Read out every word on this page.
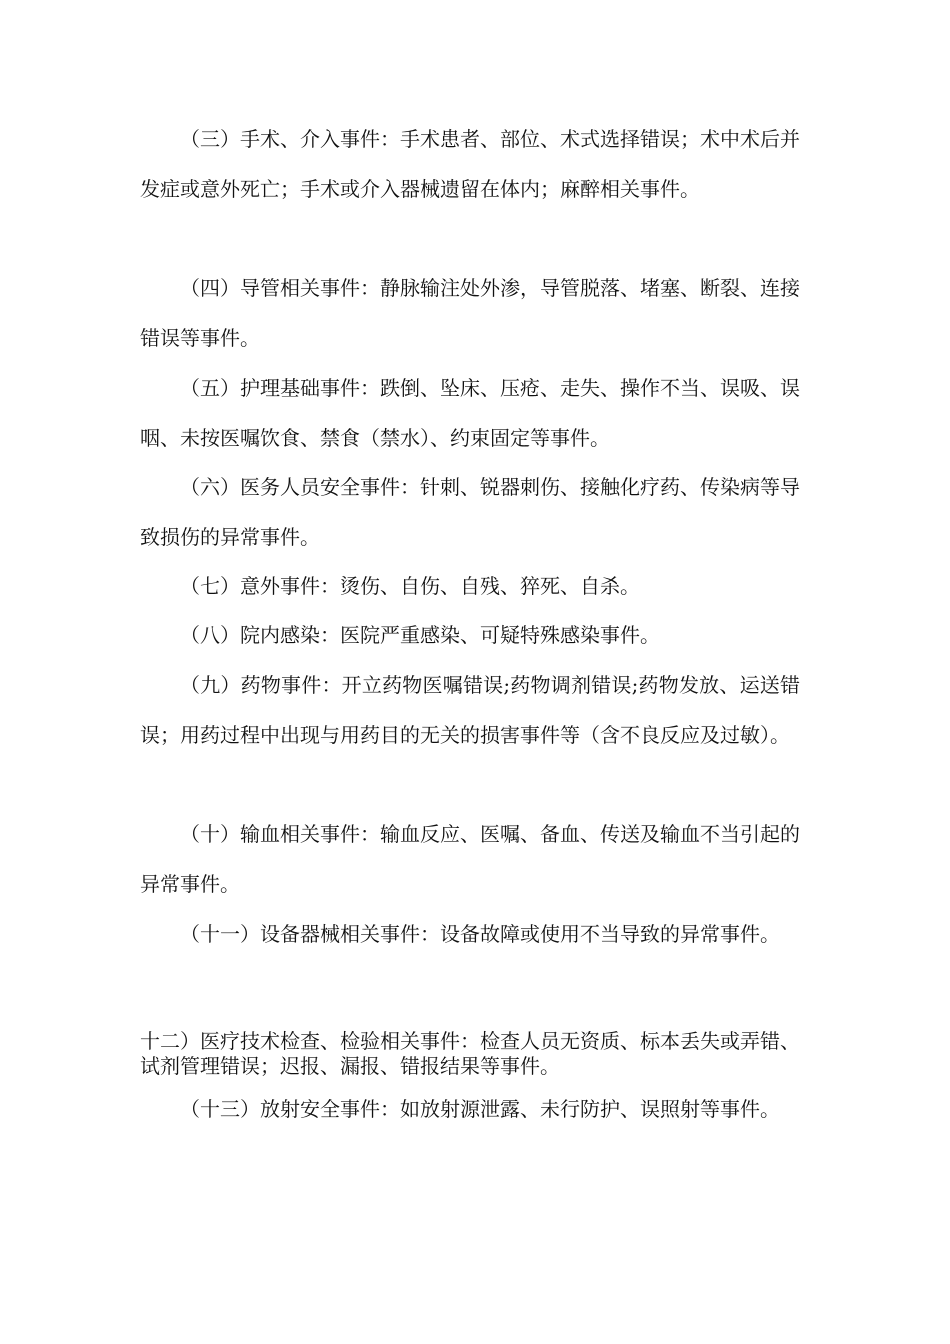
（三）手术、介入事件：手术患者、部位、术式选择错误；术中术后并发症或意外死亡；手术或介入器械遗留在体内；麻醉相关事件。

（四）导管相关事件：静脉输注处外渗，导管脱落、堵塞、断裂、连接错误等事件。

（五）护理基础事件：跌倒、坠床、压疮、走失、操作不当、误吸、误咽、未按医嘱饮食、禁食（禁水）、约束固定等事件。

（六）医务人员安全事件：针刺、锐器刺伤、接触化疗药、传染病等导致损伤的异常事件。

（七）意外事件：烫伤、自伤、自残、猝死、自杀。

（八）院内感染：医院严重感染、可疑特殊感染事件。

（九）药物事件：开立药物医嘱错误;药物调剂错误;药物发放、运送错误；用药过程中出现与用药目的无关的损害事件等（含不良反应及过敏）。

（十）输血相关事件：输血反应、医嘱、备血、传送及输血不当引起的异常事件。

（十一）设备器械相关事件：设备故障或使用不当导致的异常事件。

十二）医疗技术检查、检验相关事件：检查人员无资质、标本丢失或弄错、试剂管理错误；迟报、漏报、错报结果等事件。

（十三）放射安全事件：如放射源泄露、未行防护、误照射等事件。
